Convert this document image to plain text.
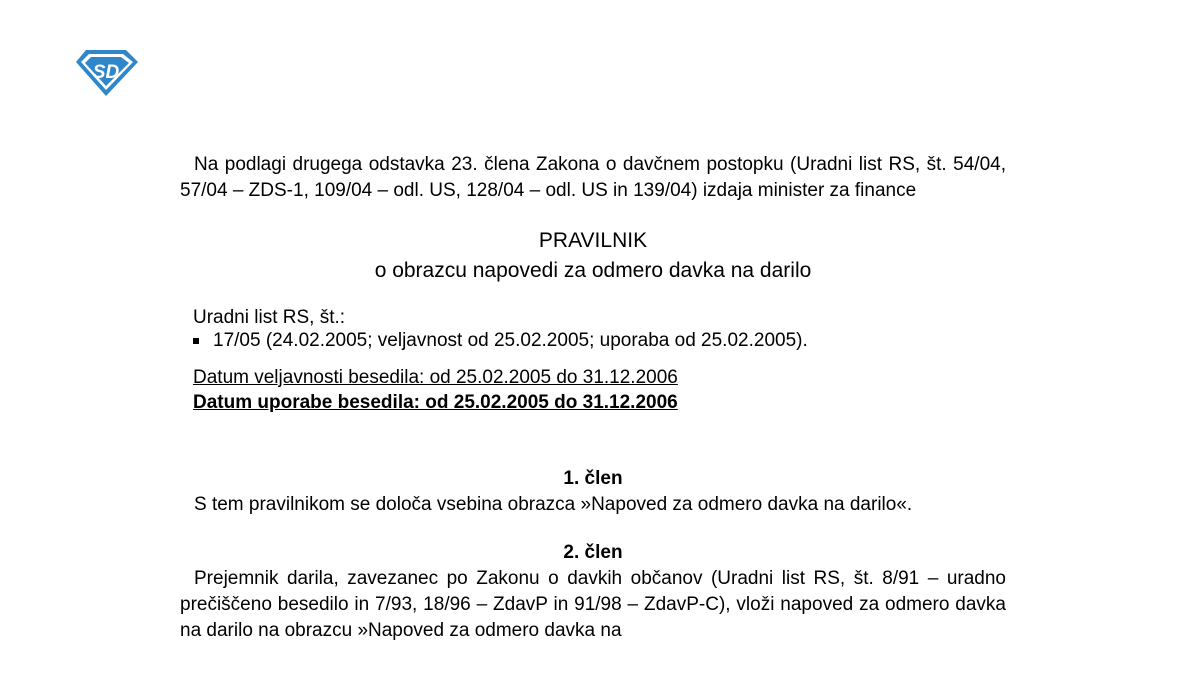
SD

Na podlagi drugega odstavka 23. člena Zakona o davčnem postopku (Uradni list RS, št. 54/04, 57/04 – ZDS-1, 109/04 – odl. US, 128/04 – odl. US in 139/04) izdaja minister za finance

PRAVILNIK
o obrazcu napovedi za odmero davka na darilo
Uradni list RS, št.:
17/05 (24.02.2005; veljavnost od 25.02.2005; uporaba od 25.02.2005).
Datum veljavnosti besedila: od 25.02.2005 do 31.12.2006
Datum uporabe besedila: od 25.02.2005 do 31.12.2006
1. člen

S tem pravilnikom se določa vsebina obrazca »Napoved za odmero davka na darilo«.

2. člen

Prejemnik darila, zavezanec po Zakonu o davkih občanov (Uradni list RS, št. 8/91 – uradno prečiščeno besedilo in 7/93, 18/96 – ZdavP in 91/98 – ZdavP-C), vloži napoved za odmero davka na darilo na obrazcu »Napoved za odmero davka na
